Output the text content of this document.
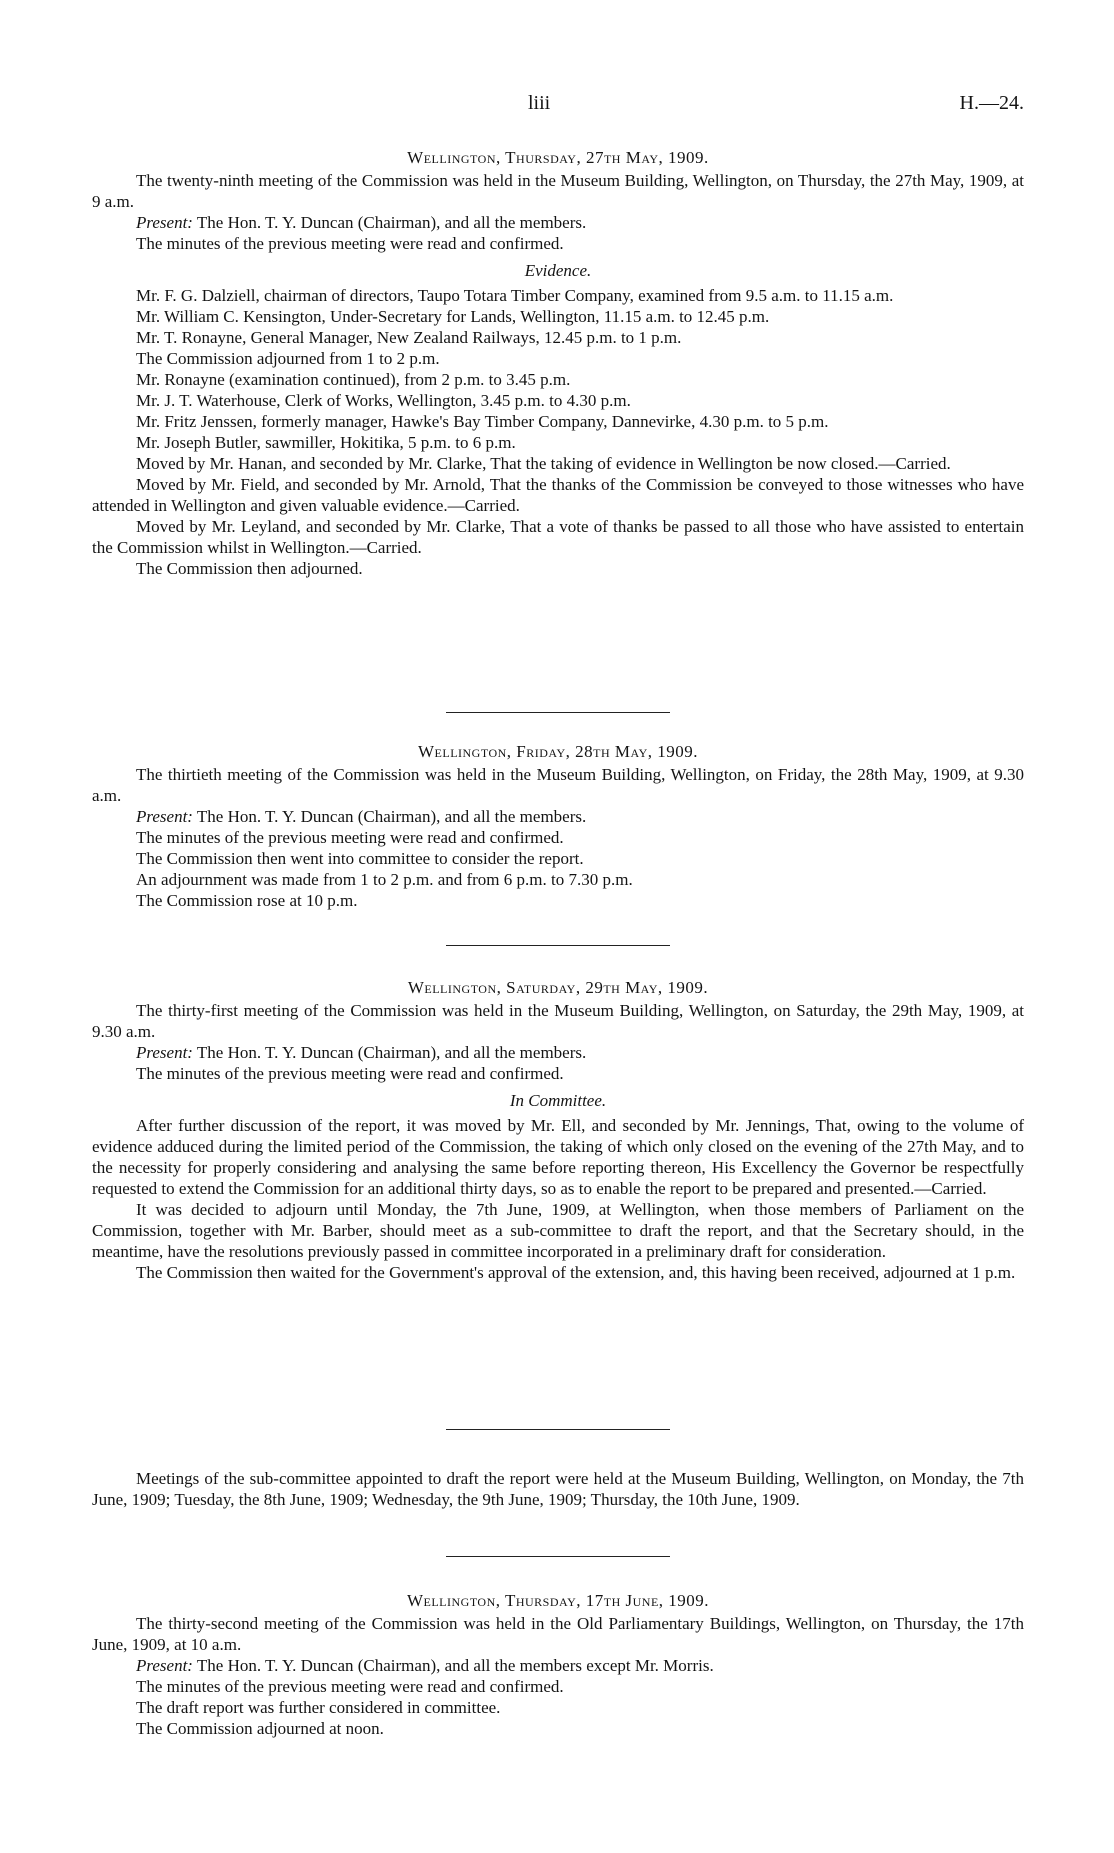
liii	H.—24.
Wellington, Thursday, 27th May, 1909.

The twenty-ninth meeting of the Commission was held in the Museum Building, Wellington, on Thursday, the 27th May, 1909, at 9 a.m.

Present: The Hon. T. Y. Duncan (Chairman), and all the members.

The minutes of the previous meeting were read and confirmed.

Evidence.

Mr. F. G. Dalziell, chairman of directors, Taupo Totara Timber Company, examined from 9.5 a.m. to 11.15 a.m.

Mr. William C. Kensington, Under-Secretary for Lands, Wellington, 11.15 a.m. to 12.45 p.m.

Mr. T. Ronayne, General Manager, New Zealand Railways, 12.45 p.m. to 1 p.m.

The Commission adjourned from 1 to 2 p.m.

Mr. Ronayne (examination continued), from 2 p.m. to 3.45 p.m.

Mr. J. T. Waterhouse, Clerk of Works, Wellington, 3.45 p.m. to 4.30 p.m.

Mr. Fritz Jenssen, formerly manager, Hawke's Bay Timber Company, Dannevirke, 4.30 p.m. to 5 p.m.

Mr. Joseph Butler, sawmiller, Hokitika, 5 p.m. to 6 p.m.

Moved by Mr. Hanan, and seconded by Mr. Clarke, That the taking of evidence in Wellington be now closed.—Carried.

Moved by Mr. Field, and seconded by Mr. Arnold, That the thanks of the Commission be conveyed to those witnesses who have attended in Wellington and given valuable evidence.—Carried.

Moved by Mr. Leyland, and seconded by Mr. Clarke, That a vote of thanks be passed to all those who have assisted to entertain the Commission whilst in Wellington.—Carried.

The Commission then adjourned.

Wellington, Friday, 28th May, 1909.

The thirtieth meeting of the Commission was held in the Museum Building, Wellington, on Friday, the 28th May, 1909, at 9.30 a.m.

Present: The Hon. T. Y. Duncan (Chairman), and all the members.

The minutes of the previous meeting were read and confirmed.

The Commission then went into committee to consider the report.

An adjournment was made from 1 to 2 p.m. and from 6 p.m. to 7.30 p.m.

The Commission rose at 10 p.m.

Wellington, Saturday, 29th May, 1909.

The thirty-first meeting of the Commission was held in the Museum Building, Wellington, on Saturday, the 29th May, 1909, at 9.30 a.m.

Present: The Hon. T. Y. Duncan (Chairman), and all the members.

The minutes of the previous meeting were read and confirmed.

In Committee.

After further discussion of the report, it was moved by Mr. Ell, and seconded by Mr. Jennings, That, owing to the volume of evidence adduced during the limited period of the Commission, the taking of which only closed on the evening of the 27th May, and to the necessity for properly considering and analysing the same before reporting thereon, His Excellency the Governor be respectfully requested to extend the Commission for an additional thirty days, so as to enable the report to be prepared and presented.—Carried.

It was decided to adjourn until Monday, the 7th June, 1909, at Wellington, when those members of Parliament on the Commission, together with Mr. Barber, should meet as a sub-committee to draft the report, and that the Secretary should, in the meantime, have the resolutions previously passed in committee incorporated in a preliminary draft for consideration.

The Commission then waited for the Government's approval of the extension, and, this having been received, adjourned at 1 p.m.

Meetings of the sub-committee appointed to draft the report were held at the Museum Building, Wellington, on Monday, the 7th June, 1909; Tuesday, the 8th June, 1909; Wednesday, the 9th June, 1909; Thursday, the 10th June, 1909.

Wellington, Thursday, 17th June, 1909.

The thirty-second meeting of the Commission was held in the Old Parliamentary Buildings, Wellington, on Thursday, the 17th June, 1909, at 10 a.m.

Present: The Hon. T. Y. Duncan (Chairman), and all the members except Mr. Morris.

The minutes of the previous meeting were read and confirmed.

The draft report was further considered in committee.

The Commission adjourned at noon.
